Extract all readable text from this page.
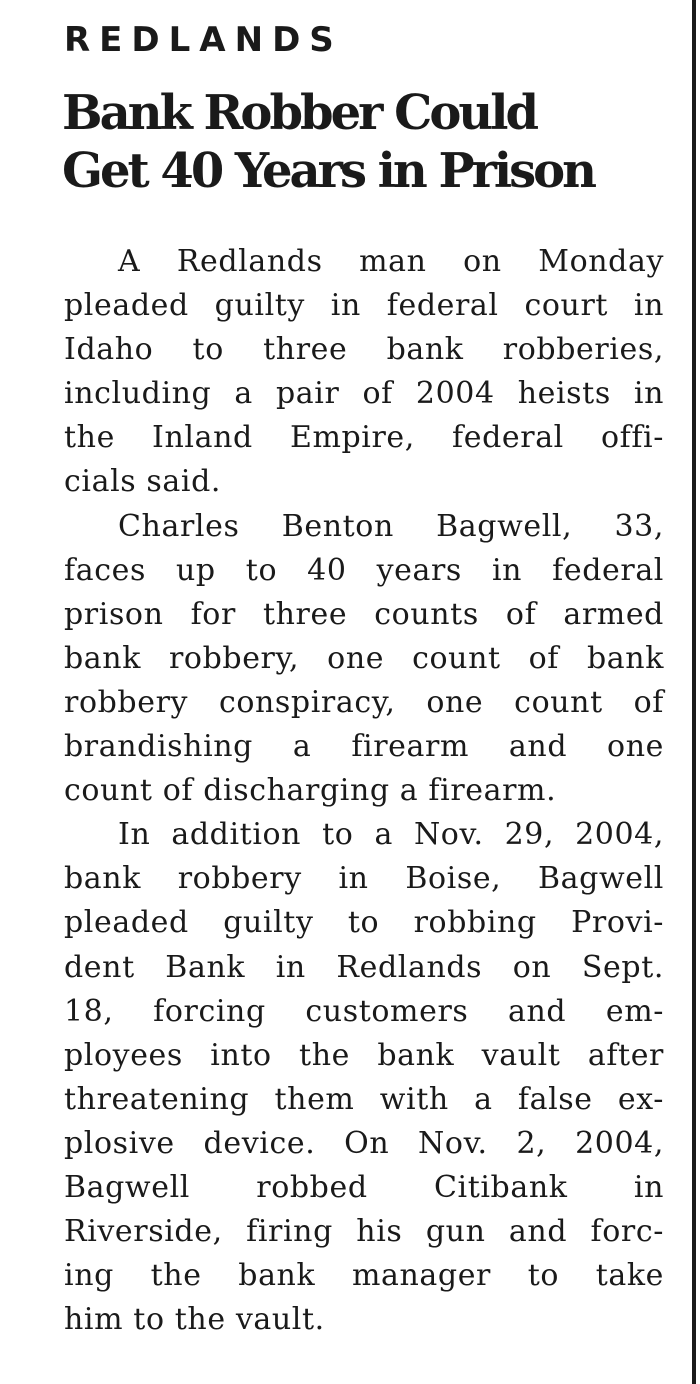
REDLANDS
Bank Robber Could
Get 40 Years in Prison

A Redlands man on Monday
pleaded guilty in federal court in
Idaho to three bank robberies,
including a pair of 2004 heists in
the Inland Empire, federal offi-
cials said.

Charles Benton Bagwell, 33,
faces up to 40 years in federal
prison for three counts of armed
bank robbery, one count of bank
robbery conspiracy, one count of
brandishing a firearm and one
count of discharging a firearm.

In addition to a Nov. 29, 2004,
bank robbery in Boise, Bagwell
pleaded guilty to robbing Provi-
dent Bank in Redlands on Sept.
18, forcing customers and em-
ployees into the bank vault after
threatening them with a false ex-
plosive device. On Nov. 2, 2004,
Bagwell robbed Citibank in
Riverside, firing his gun and forc-
ing the bank manager to take
him to the vault.
